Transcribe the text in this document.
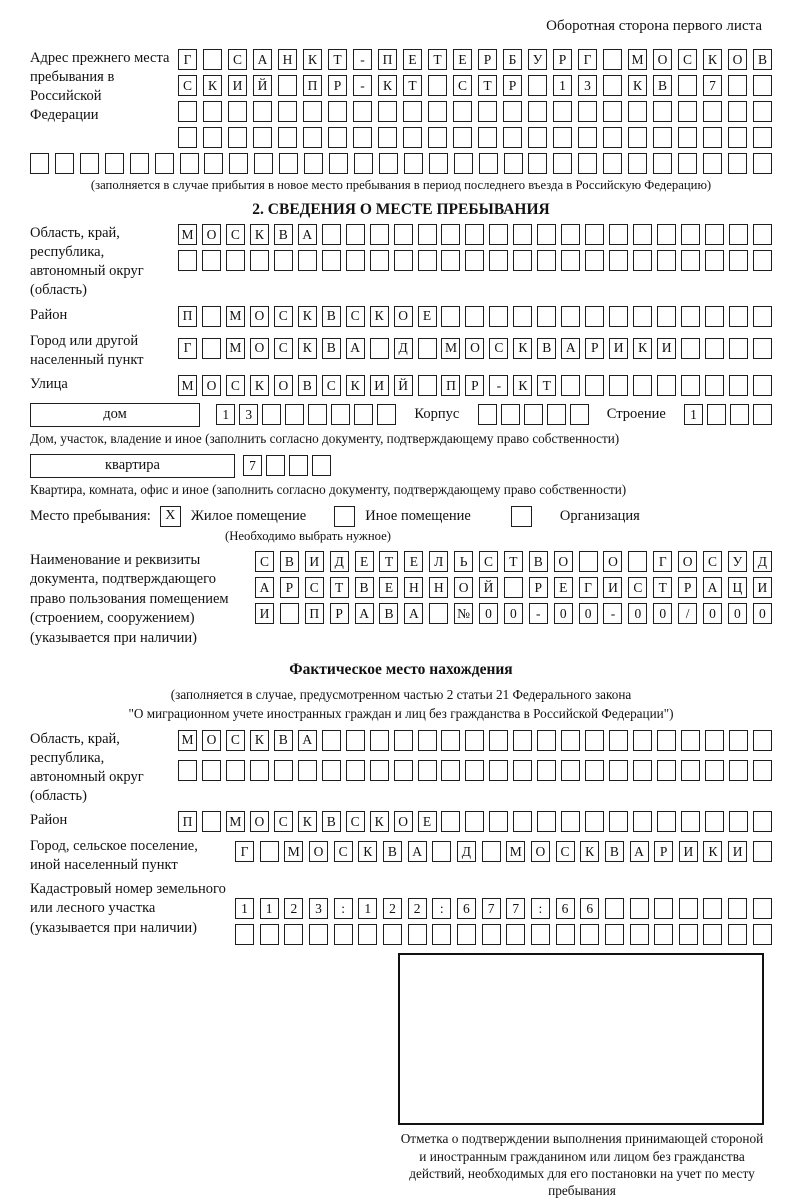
Оборотная сторона первого листа
Адрес прежнего места пребывания в Российской Федерации
Г	С	А	Н	К	Т	-	П	Е	Т	Е	Р	Б	У	Р	Г	М	О	С	К	О	В
С	К	И	Й	П	Р	-	К	Т	С	Т	Р	1	3	К	В	7
(заполняется в случае прибытия в новое место пребывания в период последнего въезда в Российскую Федерацию)
2. СВЕДЕНИЯ О МЕСТЕ ПРЕБЫВАНИЯ
Область, край, республика, автономный округ (область)
М О	С	К	В	А
Район	П	М О	С	К	В	С	К	О	Е
Город или другой населенный пункт
Г	М О	С	К	В	А	Д	М О	С	К	В	А	Р	И	К	И
Улица	М О	С	К	О	В	С	К	И	Й	П	Р	-	К	Т
дом	1	3	Корпус	Строение	1
Дом, участок, владение и иное (заполнить согласно документу, подтверждающему право собственности)
квартира	7
Квартира, комната, офис и иное (заполнить согласно документу, подтверждающему право собственности)
Место пребывания:	X	Жилое помещение	Иное помещение	Организация
(Необходимо выбрать нужное)
Наименование и реквизиты документа, подтверждающего право пользования помещением (строением, сооружением) (указывается при наличии)
С	В	И	Д	Е	Т	Е	Л	Ь	С	Т	В	О	О	Г	О	С	У	Д
А	Р	С	Т	В	Е	Н	Н	О	Й	Р	Е	Г	И	С	Т	Р	А	Ц	И
И	П	Р	А	В	А	№	0	0	-	0	0	-	0	0	/	0	0	0
Фактическое место нахождения
(заполняется в случае, предусмотренном частью 2 статьи 21 Федерального закона
"О миграционном учете иностранных граждан и лиц без гражданства в Российской Федерации")
Область, край, республика, автономный округ (область)
М О	С	К	В	А
Район	П	М О	С	К	В	С	К	О	Е
Город, сельское поселение, иной населенный пункт
Г	М	О	С	К	В	А	Д	М	О	С	К	В	А	Р	И	К	И
Кадастровый номер земельного или лесного участка (указывается при наличии)
1	1	2	3	:	1	2	2	:	6	7	7	:	6	6
Отметка о подтверждении выполнения принимающей стороной и иностранным гражданином или лицом без гражданства действий, необходимых для его постановки на учет по месту пребывания
